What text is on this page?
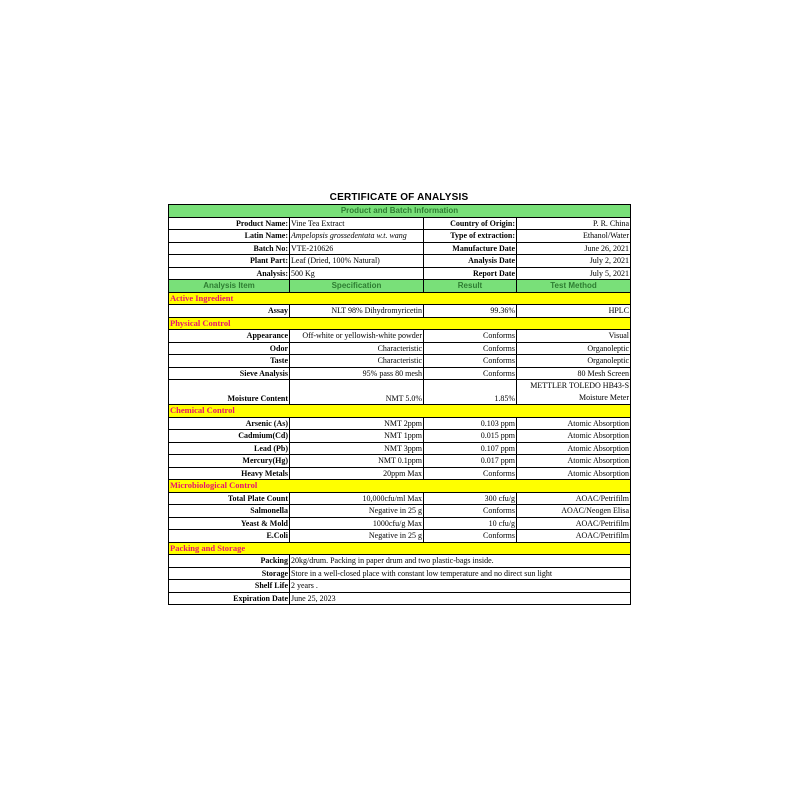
CERTIFICATE OF ANALYSIS
Product and Batch Information			
Product Name:	Vine Tea Extract	Country of Origin:	P. R. China
Latin Name:	Ampelopsis grossedentata w.t. wang	Type of extraction:	Ethanol/Water
Batch No:	VTE-210626	Manufacture Date	June 26, 2021
Plant Part:	Leaf (Dried, 100% Natural)	Analysis Date	July 2, 2021
Analysis:	500 Kg	Report Date	July 5, 2021
Analysis Item	Specification	Result	Test Method
Active Ingredient			
Assay	NLT 98% Dihydromyricetin	99.36%	HPLC
Physical Control			
Appearance	Off-white or yellowish-white powder	Conforms	Visual
Odor	Characteristic	Conforms	Organoleptic
Taste	Characteristic	Conforms	Organoleptic
Sieve Analysis	95% pass 80 mesh	Conforms	80 Mesh Screen
Moisture Content	NMT 5.0%	1.85%	METTLER TOLEDO HB43-S
Moisture Meter

Chemical Control			
Arsenic (As)	NMT 2ppm	0.103 ppm	Atomic Absorption
Cadmium(Cd)	NMT 1ppm	0.015 ppm	Atomic Absorption
Lead (Pb)	NMT 3ppm	0.107 ppm	Atomic Absorption
Mercury(Hg)	NMT 0.1ppm	0.017 ppm	Atomic Absorption
Heavy Metals	20ppm Max	Conforms	Atomic Absorption
Microbiological Control			
Total Plate Count	10,000cfu/ml Max	300 cfu/g	AOAC/Petrifilm
Salmonella	Negative in 25 g	Conforms	AOAC/Neogen Elisa
Yeast & Mold	1000cfu/g Max	10 cfu/g	AOAC/Petrifilm
E.Coli	Negative in 25 g	Conforms	AOAC/Petrifilm
Packing and Storage			
Packing	20kg/drum. Packing in paper drum and two plastic-bags inside.		
Storage	Store in a well-closed place with constant low temperature and no direct sun light		
Shelf Life	2 years .		
Expiration Date	June 25, 2023		
